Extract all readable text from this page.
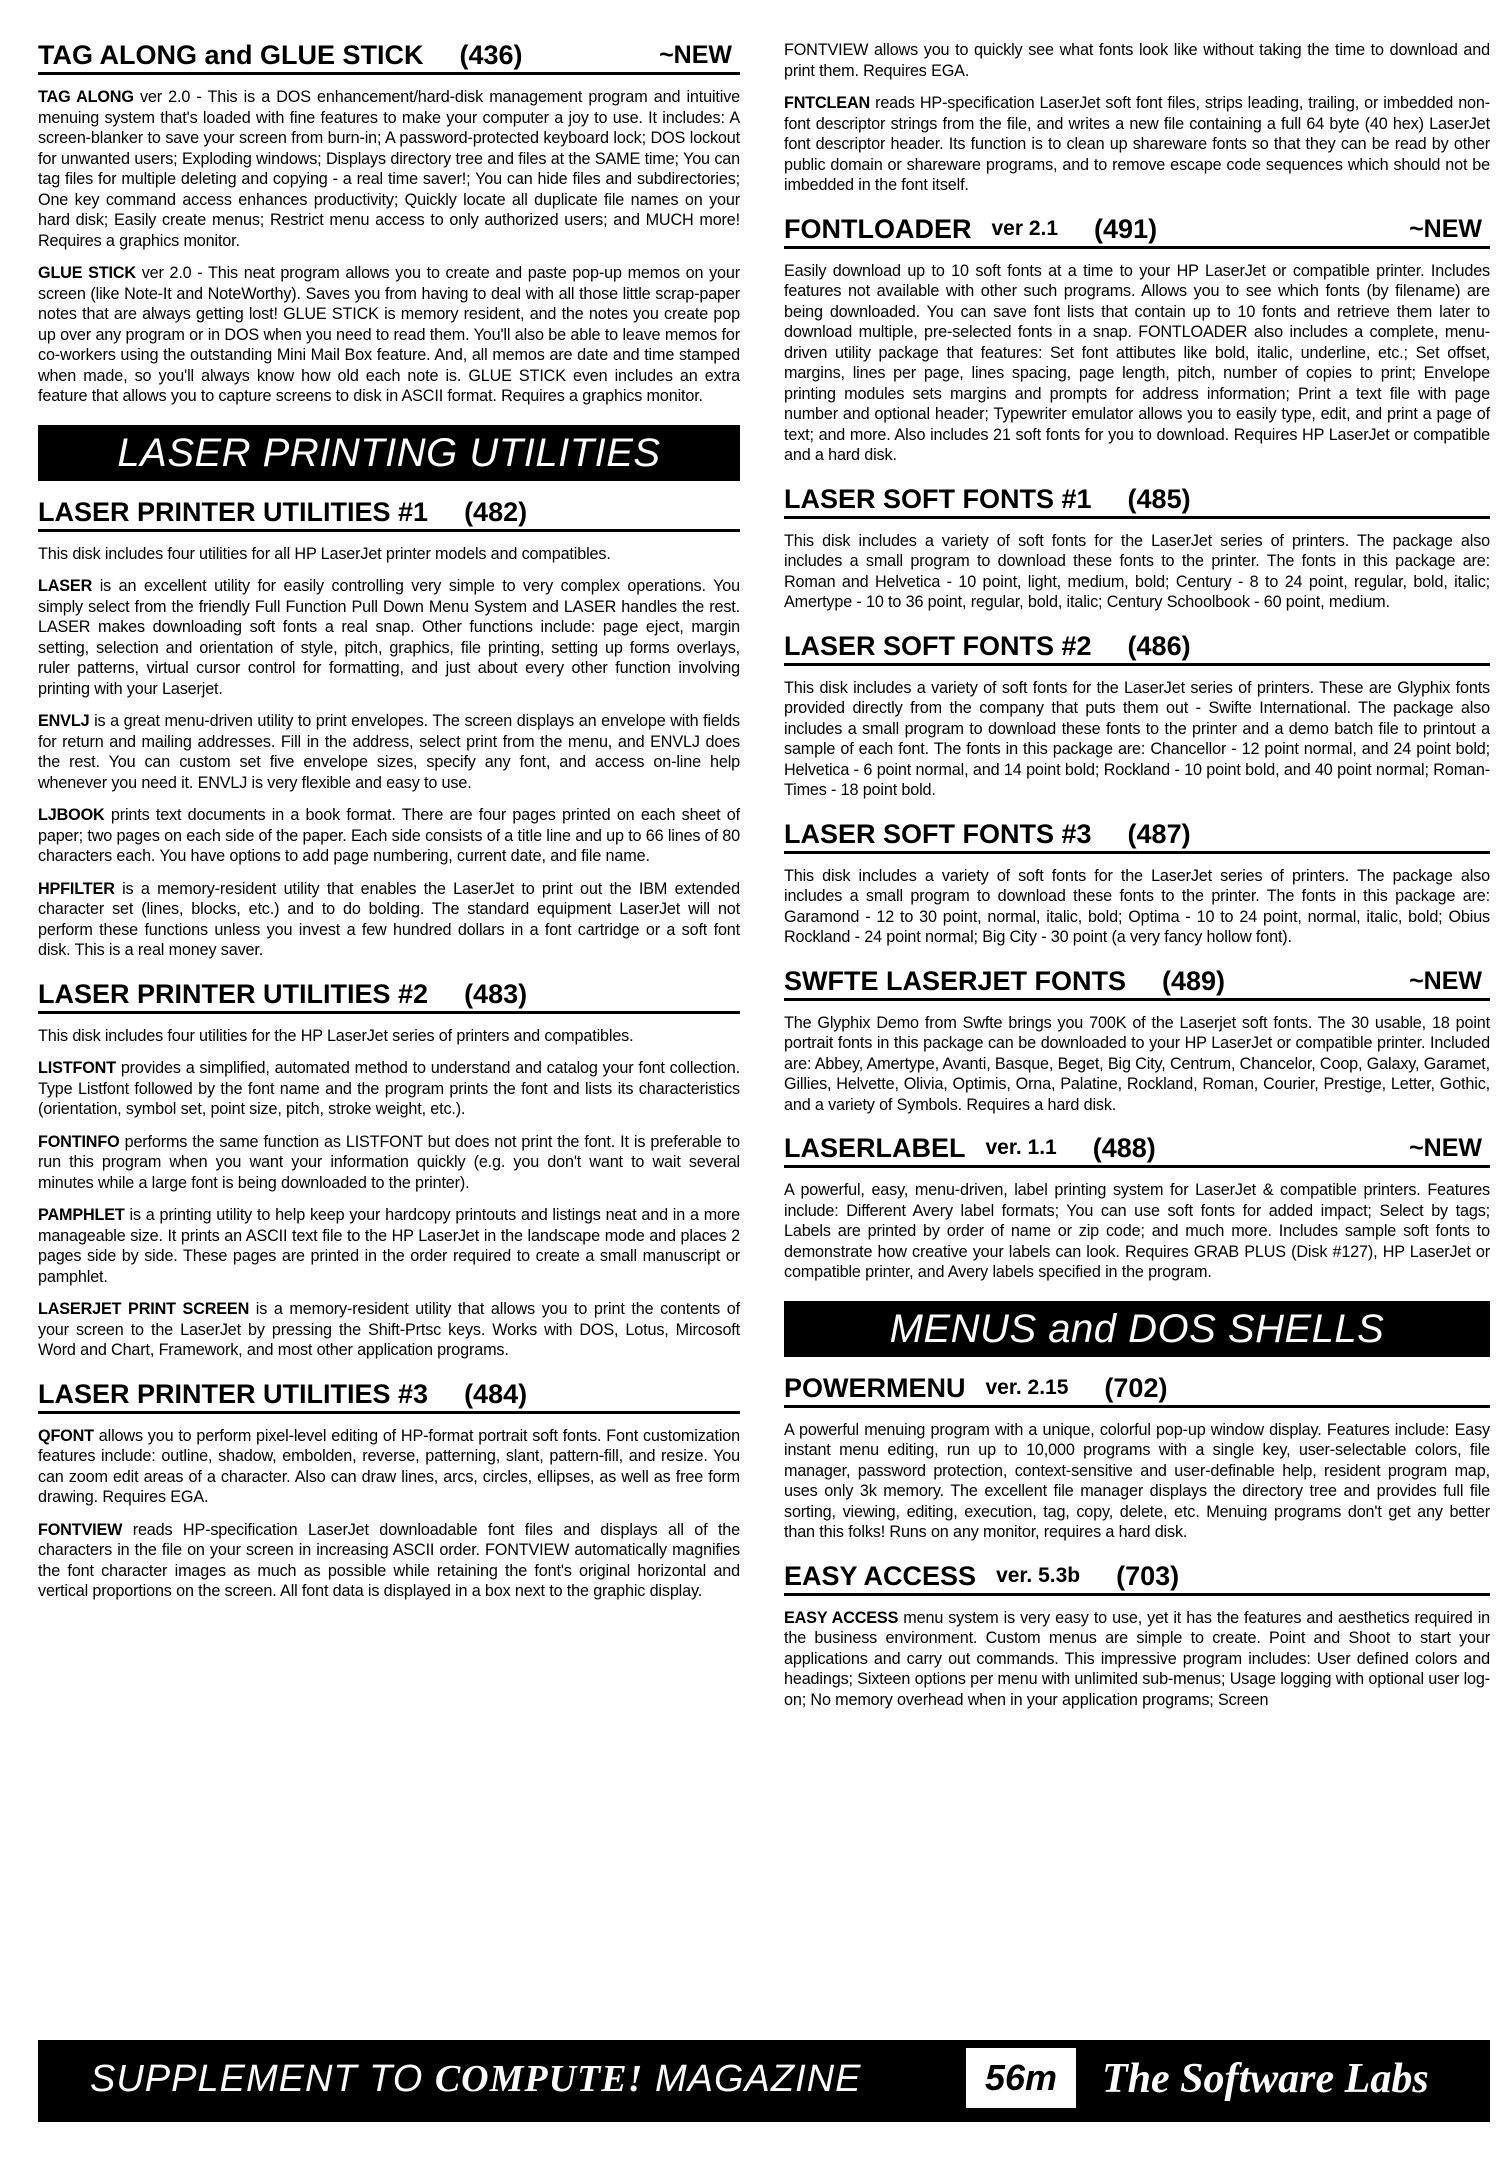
TAG ALONG and GLUE STICK (436)	~NEW

TAG ALONG ver 2.0 - This is a DOS enhancement/hard-disk management program and intuitive menuing system that's loaded with fine features to make your computer a joy to use. It includes: A screen-blanker to save your screen from burn-in; A password-protected keyboard lock; DOS lockout for unwanted users; Exploding windows; Displays directory tree and files at the SAME time; You can tag files for multiple deleting and copying - a real time saver!; You can hide files and subdirectories; One key command access enhances productivity; Quickly locate all duplicate file names on your hard disk; Easily create menus; Restrict menu access to only authorized users; and MUCH more! Requires a graphics monitor.

GLUE STICK ver 2.0 - This neat program allows you to create and paste pop-up memos on your screen (like Note-It and NoteWorthy). Saves you from having to deal with all those little scrap-paper notes that are always getting lost! GLUE STICK is memory resident, and the notes you create pop up over any program or in DOS when you need to read them. You'll also be able to leave memos for co-workers using the outstanding Mini Mail Box feature. And, all memos are date and time stamped when made, so you'll always know how old each note is. GLUE STICK even includes an extra feature that allows you to capture screens to disk in ASCII format. Requires a graphics monitor.

LASER PRINTING UTILITIES
LASER PRINTER UTILITIES #1 (482)

This disk includes four utilities for all HP LaserJet printer models and compatibles.

LASER is an excellent utility for easily controlling very simple to very complex operations. You simply select from the friendly Full Function Pull Down Menu System and LASER handles the rest. LASER makes downloading soft fonts a real snap. Other functions include: page eject, margin setting, selection and orientation of style, pitch, graphics, file printing, setting up forms overlays, ruler patterns, virtual cursor control for formatting, and just about every other function involving printing with your Laserjet.

ENVLJ is a great menu-driven utility to print envelopes. The screen displays an envelope with fields for return and mailing addresses. Fill in the address, select print from the menu, and ENVLJ does the rest. You can custom set five envelope sizes, specify any font, and access on-line help whenever you need it. ENVLJ is very flexible and easy to use.

LJBOOK prints text documents in a book format. There are four pages printed on each sheet of paper; two pages on each side of the paper. Each side consists of a title line and up to 66 lines of 80 characters each. You have options to add page numbering, current date, and file name.

HPFILTER is a memory-resident utility that enables the LaserJet to print out the IBM extended character set (lines, blocks, etc.) and to do bolding. The standard equipment LaserJet will not perform these functions unless you invest a few hundred dollars in a font cartridge or a soft font disk. This is a real money saver.

LASER PRINTER UTILITIES #2 (483)

This disk includes four utilities for the HP LaserJet series of printers and compatibles.

LISTFONT provides a simplified, automated method to understand and catalog your font collection. Type Listfont followed by the font name and the program prints the font and lists its characteristics (orientation, symbol set, point size, pitch, stroke weight, etc.).

FONTINFO performs the same function as LISTFONT but does not print the font. It is preferable to run this program when you want your information quickly (e.g. you don't want to wait several minutes while a large font is being downloaded to the printer).

PAMPHLET is a printing utility to help keep your hardcopy printouts and listings neat and in a more manageable size. It prints an ASCII text file to the HP LaserJet in the landscape mode and places 2 pages side by side. These pages are printed in the order required to create a small manuscript or pamphlet.

LASERJET PRINT SCREEN is a memory-resident utility that allows you to print the contents of your screen to the LaserJet by pressing the Shift-Prtsc keys. Works with DOS, Lotus, Mircosoft Word and Chart, Framework, and most other application programs.

LASER PRINTER UTILITIES #3 (484)

QFONT allows you to perform pixel-level editing of HP-format portrait soft fonts. Font customization features include: outline, shadow, embolden, reverse, patterning, slant, pattern-fill, and resize. You can zoom edit areas of a character. Also can draw lines, arcs, circles, ellipses, as well as free form drawing. Requires EGA.

FONTVIEW reads HP-specification LaserJet downloadable font files and displays all of the characters in the file on your screen in increasing ASCII order. FONTVIEW automatically magnifies the font character images as much as possible while retaining the font's original horizontal and vertical proportions on the screen. All font data is displayed in a box next to the graphic display.

FONTVIEW allows you to quickly see what fonts look like without taking the time to download and print them. Requires EGA.

FNTCLEAN reads HP-specification LaserJet soft font files, strips leading, trailing, or imbedded non-font descriptor strings from the file, and writes a new file containing a full 64 byte (40 hex) LaserJet font descriptor header. Its function is to clean up shareware fonts so that they can be read by other public domain or shareware programs, and to remove escape code sequences which should not be imbedded in the font itself.

FONTLOADER ver 2.1 (491)	~NEW

Easily download up to 10 soft fonts at a time to your HP LaserJet or compatible printer. Includes features not available with other such programs. Allows you to see which fonts (by filename) are being downloaded. You can save font lists that contain up to 10 fonts and retrieve them later to download multiple, pre-selected fonts in a snap. FONTLOADER also includes a complete, menu-driven utility package that features: Set font attibutes like bold, italic, underline, etc.; Set offset, margins, lines per page, lines spacing, page length, pitch, number of copies to print; Envelope printing modules sets margins and prompts for address information; Print a text file with page number and optional header; Typewriter emulator allows you to easily type, edit, and print a page of text; and more. Also includes 21 soft fonts for you to download. Requires HP LaserJet or compatible and a hard disk.

LASER SOFT FONTS #1 (485)

This disk includes a variety of soft fonts for the LaserJet series of printers. The package also includes a small program to download these fonts to the printer. The fonts in this package are: Roman and Helvetica - 10 point, light, medium, bold; Century - 8 to 24 point, regular, bold, italic; Amertype - 10 to 36 point, regular, bold, italic; Century Schoolbook - 60 point, medium.

LASER SOFT FONTS #2 (486)

This disk includes a variety of soft fonts for the LaserJet series of printers. These are Glyphix fonts provided directly from the company that puts them out - Swifte International. The package also includes a small program to download these fonts to the printer and a demo batch file to printout a sample of each font. The fonts in this package are: Chancellor - 12 point normal, and 24 point bold; Helvetica - 6 point normal, and 14 point bold; Rockland - 10 point bold, and 40 point normal; Roman-Times - 18 point bold.

LASER SOFT FONTS #3 (487)

This disk includes a variety of soft fonts for the LaserJet series of printers. The package also includes a small program to download these fonts to the printer. The fonts in this package are: Garamond - 12 to 30 point, normal, italic, bold; Optima - 10 to 24 point, normal, italic, bold; Obius Rockland - 24 point normal; Big City - 30 point (a very fancy hollow font).

SWFTE LASERJET FONTS (489)	~NEW

The Glyphix Demo from Swfte brings you 700K of the Laserjet soft fonts. The 30 usable, 18 point portrait fonts in this package can be downloaded to your HP LaserJet or compatible printer. Included are: Abbey, Amertype, Avanti, Basque, Beget, Big City, Centrum, Chancelor, Coop, Galaxy, Garamet, Gillies, Helvette, Olivia, Optimis, Orna, Palatine, Rockland, Roman, Courier, Prestige, Letter, Gothic, and a variety of Symbols. Requires a hard disk.

LASERLABEL ver. 1.1 (488)	~NEW

A powerful, easy, menu-driven, label printing system for LaserJet & compatible printers. Features include: Different Avery label formats; You can use soft fonts for added impact; Select by tags; Labels are printed by order of name or zip code; and much more. Includes sample soft fonts to demonstrate how creative your labels can look. Requires GRAB PLUS (Disk #127), HP LaserJet or compatible printer, and Avery labels specified in the program.

MENUS and DOS SHELLS
POWERMENU ver. 2.15 (702)

A powerful menuing program with a unique, colorful pop-up window display. Features include: Easy instant menu editing, run up to 10,000 programs with a single key, user-selectable colors, file manager, password protection, context-sensitive and user-definable help, resident program map, uses only 3k memory. The excellent file manager displays the directory tree and provides full file sorting, viewing, editing, execution, tag, copy, delete, etc. Menuing programs don't get any better than this folks! Runs on any monitor, requires a hard disk.

EASY ACCESS ver. 5.3b (703)

EASY ACCESS menu system is very easy to use, yet it has the features and aesthetics required in the business environment. Custom menus are simple to create. Point and Shoot to start your applications and carry out commands. This impressive program includes: User defined colors and headings; Sixteen options per menu with unlimited sub-menus; Usage logging with optional user log-on; No memory overhead when in your application programs; Screen

SUPPLEMENT TO COMPUTE! MAGAZINE	56m	The Software Labs
